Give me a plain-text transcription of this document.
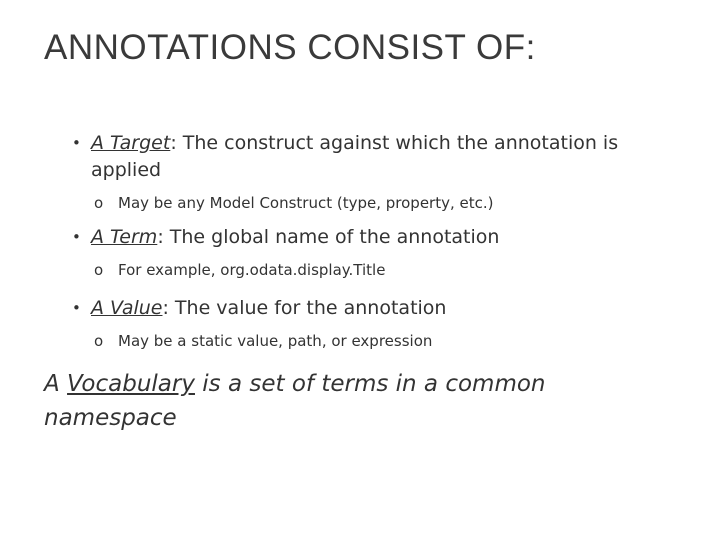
ANNOTATIONS CONSIST OF:
• A Target: The construct against which the annotation is applied
o May be any Model Construct (type, property, etc.)
• A Term: The global name of the annotation
o For example, org.odata.display.Title
• A Value: The value for the annotation
o May be a static value, path, or expression
A Vocabulary is a set of terms in a common namespace
